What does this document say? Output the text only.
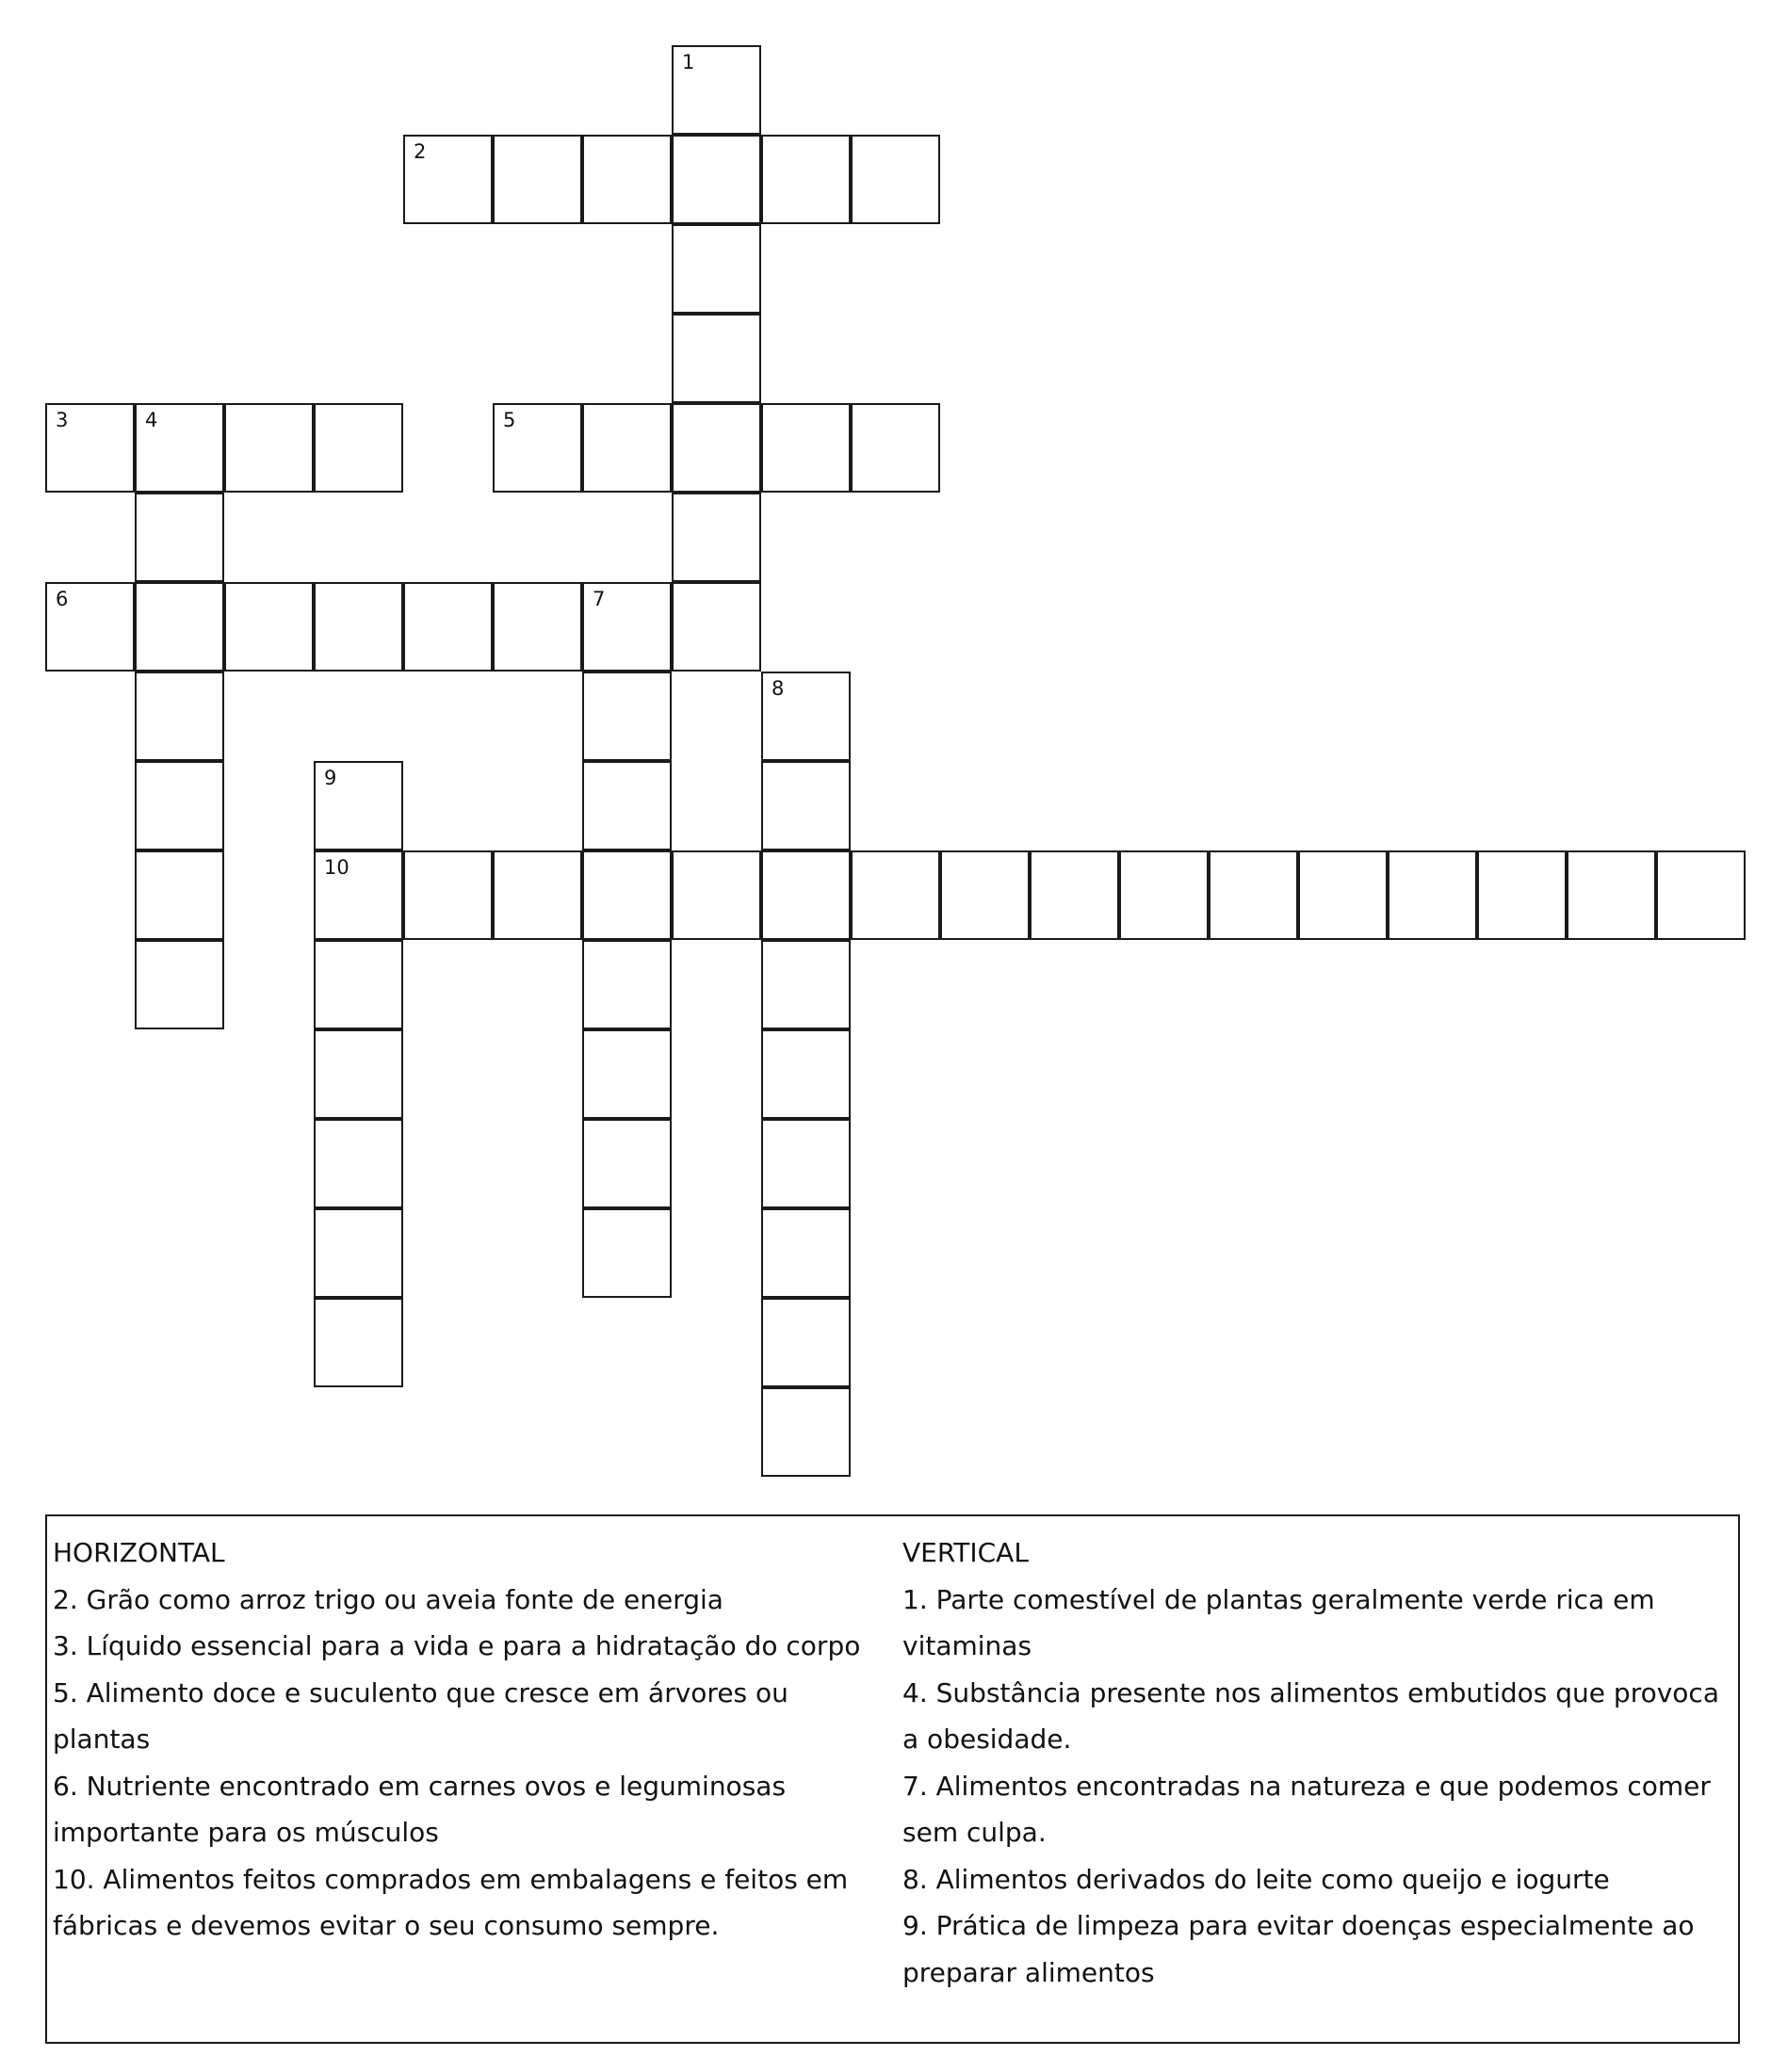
1
2
3	4	5
6	7
8
9
10
HORIZONTAL
2. Grão como arroz trigo ou aveia fonte de energia
3. Líquido essencial para a vida e para a hidratação do corpo
5. Alimento doce e suculento que cresce em árvores ou plantas
6. Nutriente encontrado em carnes ovos e leguminosas importante para os músculos
10. Alimentos feitos comprados em embalagens e feitos em fábricas e devemos evitar o seu consumo sempre.
VERTICAL
1. Parte comestível de plantas geralmente verde rica em vitaminas
4. Substância presente nos alimentos embutidos que provoca a obesidade.
7. Alimentos encontradas na natureza e que podemos comer sem culpa.
8. Alimentos derivados do leite como queijo e iogurte
9. Prática de limpeza para evitar doenças especialmente ao preparar alimentos
